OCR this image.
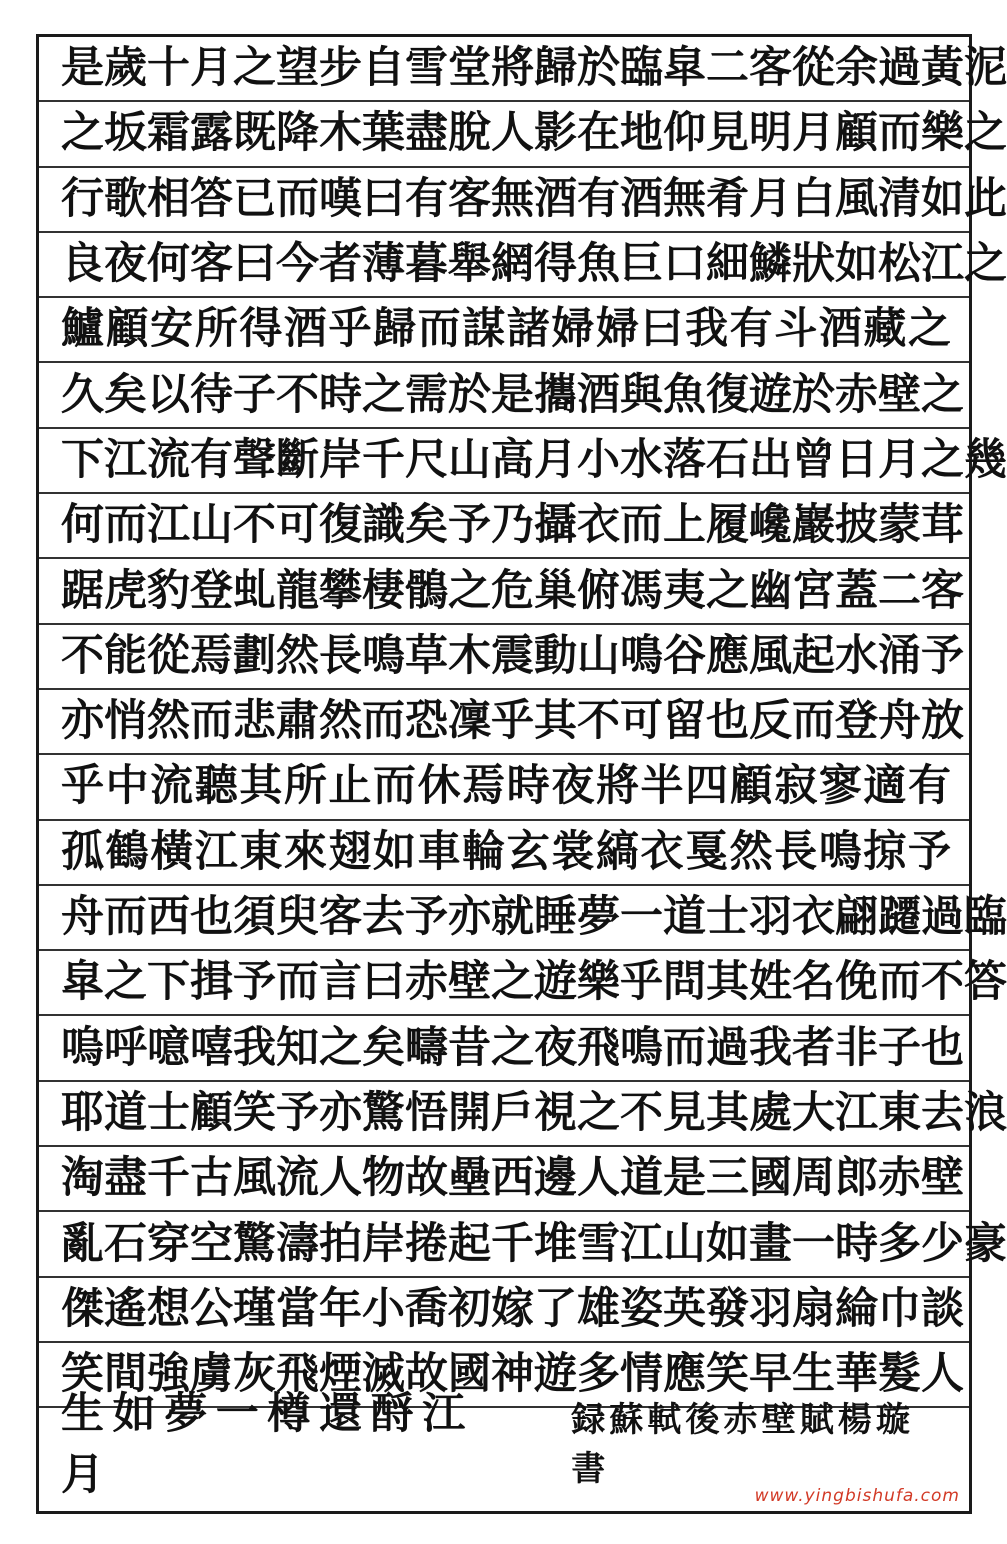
是 歲 十 月 之 望 步 自 雪 堂 將 歸 於 臨 皐 二 客 從 余 過 黃 泥
之 坂 霜 露 既 降 木 葉 盡 脫 人 影 在 地 仰 見 明 月 顧 而 樂 之
行 歌 相 答 已 而 嘆 曰 有 客 無 酒 有 酒 無 肴 月 白 風 清 如 此
良 夜 何 客 曰 今 者 薄 暮 舉 網 得 魚 巨 口 細 鱗 狀 如 松 江 之
鱸 顧 安 所 得 酒 乎 歸 而 謀 諸 婦 婦 曰 我 有 斗 酒 藏 之
久 矣 以 待 子 不 時 之 需 於 是 攜 酒 與 魚 復 遊 於 赤 壁 之
下 江 流 有 聲 斷 岸 千 尺 山 高 月 小 水 落 石 出 曾 日 月 之 幾
何 而 江 山 不 可 復 識 矣 予 乃 攝 衣 而 上 履 巉 巖 披 蒙 茸
踞 虎 豹 登 虬 龍 攀 棲 鶻 之 危 巢 俯 馮 夷 之 幽 宮 蓋 二 客
不 能 從 焉 劃 然 長 鳴 草 木 震 動 山 鳴 谷 應 風 起 水 涌 予
亦 悄 然 而 悲 肅 然 而 恐 凜 乎 其 不 可 留 也 反 而 登 舟 放
乎 中 流 聽 其 所 止 而 休 焉 時 夜 將 半 四 顧 寂 寥 適 有
孤 鶴 橫 江 東 來 翅 如 車 輪 玄 裳 縞 衣 戛 然 長 鳴 掠 予
舟 而 西 也 須 臾 客 去 予 亦 就 睡 夢 一 道 士 羽 衣 翩 躚 過 臨
皐 之 下 揖 予 而 言 曰 赤 壁 之 遊 樂 乎 問 其 姓 名 俛 而 不 答
嗚 呼 噫 嘻 我 知 之 矣 疇 昔 之 夜 飛 鳴 而 過 我 者 非 子 也
耶 道 士 顧 笑 予 亦 驚 悟 開 戶 視 之 不 見 其 處 大 江 東 去 浪
淘 盡 千 古 風 流 人 物 故 壘 西 邊 人 道 是 三 國 周 郎 赤 壁
亂 石 穿 空 驚 濤 拍 岸 捲 起 千 堆 雪 江 山 如 畫 一 時 多 少 豪
傑 遙 想 公 瑾 當 年 小 喬 初 嫁 了 雄 姿 英 發 羽 扇 綸 巾 談
笑 間 強 虜 灰 飛 煙 滅 故 國 神 遊 多 情 應 笑 早 生 華 髮 人
生如夢一樽還酹江月
録蘇軾後赤壁賦楊璇書
www.yingbishufa.com
